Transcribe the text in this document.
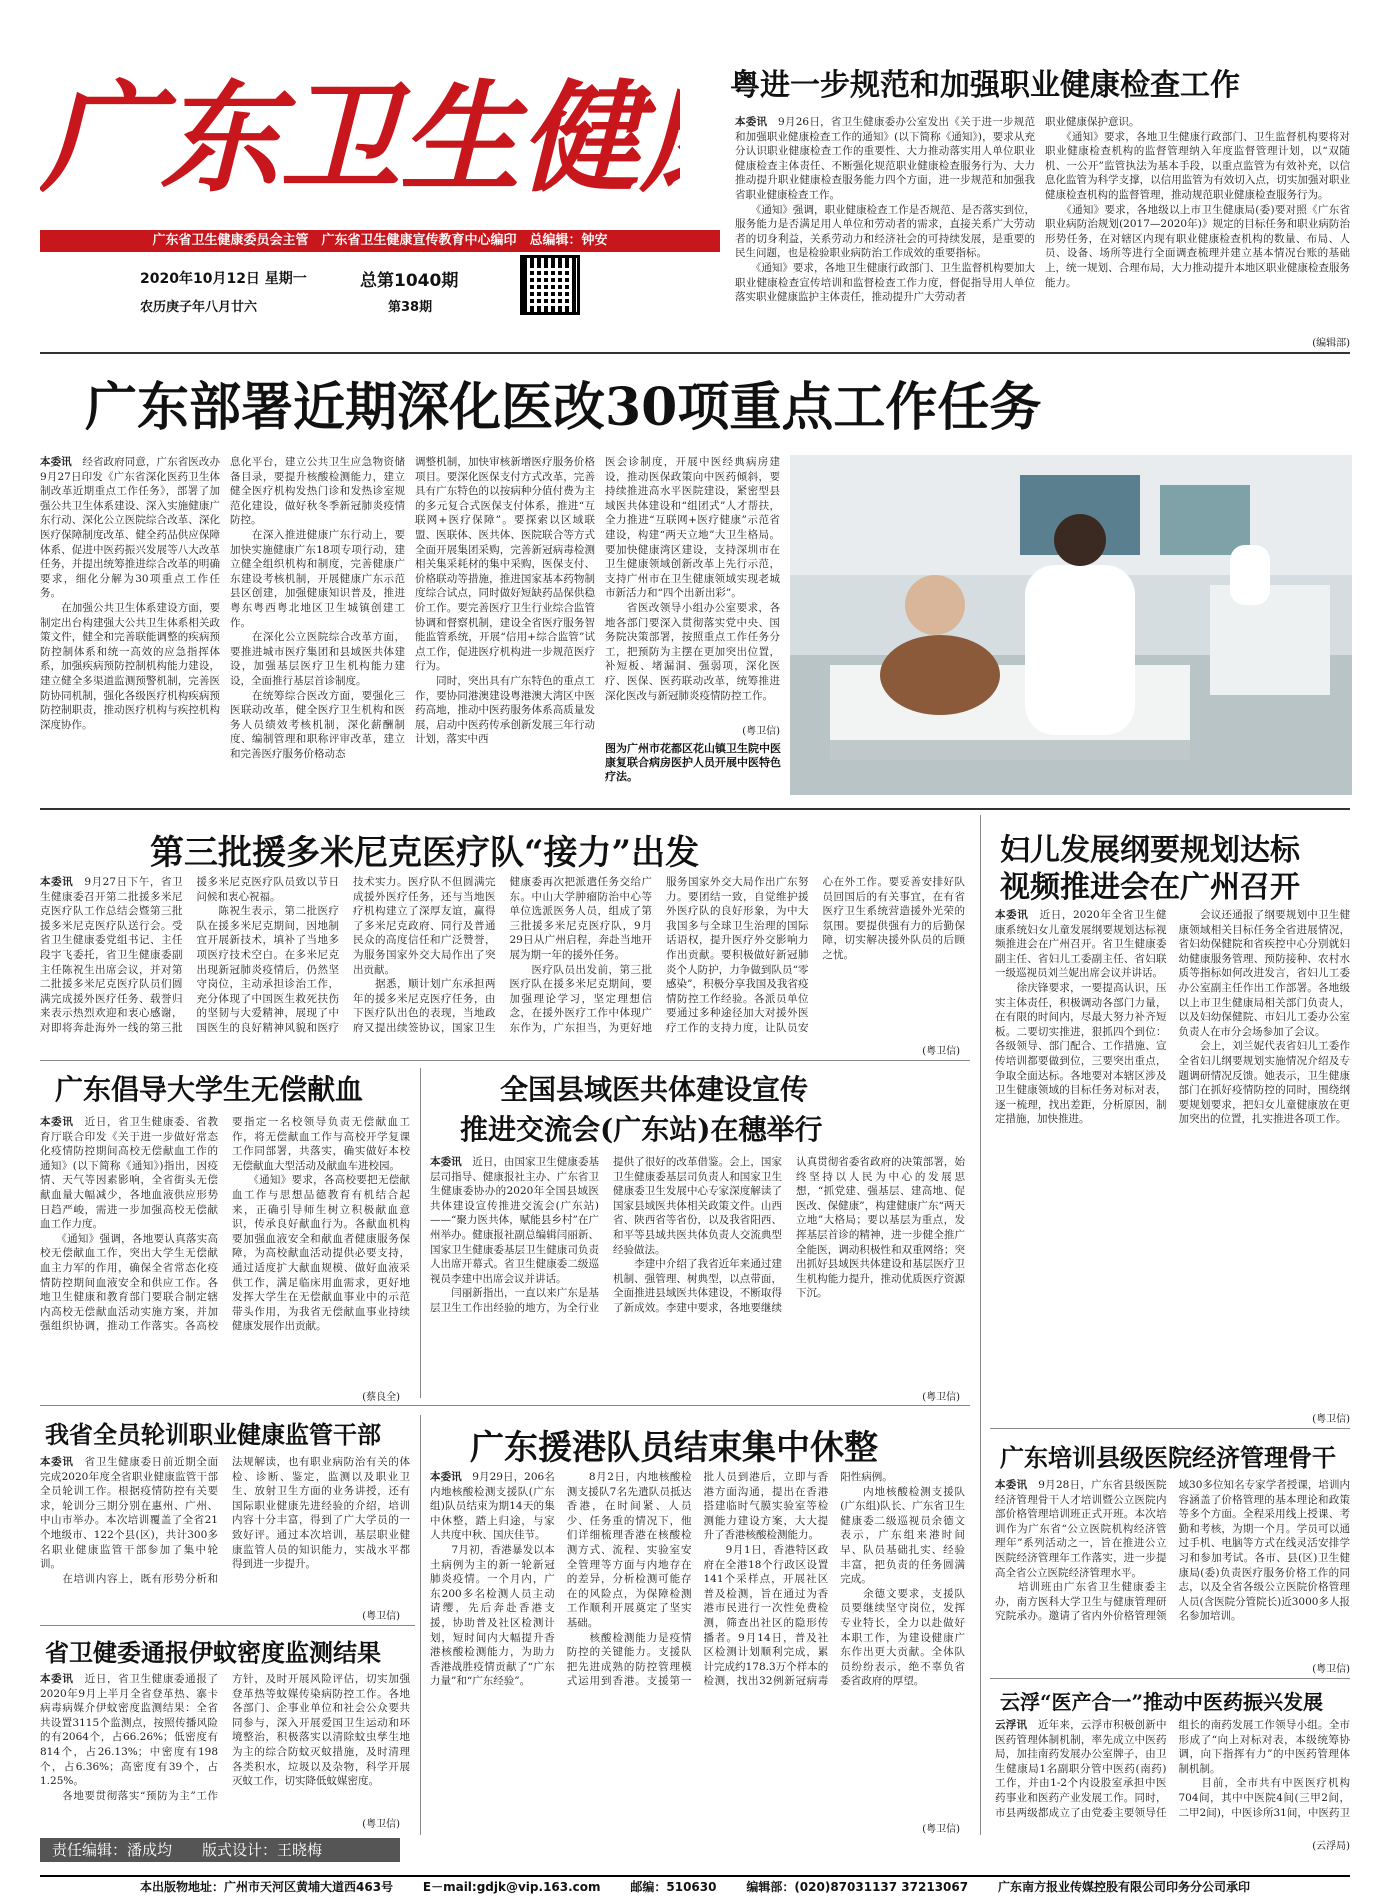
广东卫生健
广东省卫生健康委员会主管　广东省卫生健康宣传教育中心编印　总编辑：钟安
2020年10月12日 星期一
农历庚子年八月廿六
总第1040期
第38期
粤进一步规范和加强职业健康检查工作
本委讯　 9月26日，省卫生健康委办公室发出《关于进一步规范和加强职业健康检查工作的通知》(以下简称《通知》)，要求从充分认识职业健康检查工作的重要性、大力推动落实用人单位职业健康检查主体责任、不断强化规范职业健康检查服务行为、大力推动提升职业健康检查服务能力四个方面，进一步规范和加强我省职业健康检查工作。
　　《通知》强调，职业健康检查工作是否规范、是否落实到位，服务能力是否满足用人单位和劳动者的需求，直接关系广大劳动者的切身利益，关系劳动力和经济社会的可持续发展，是重要的民生问题，也是检验职业病防治工作成效的重要指标。
　　《通知》要求，各地卫生健康行政部门、卫生监督机构要加大职业健康检查宣传培训和监督检查工作力度，督促指导用人单位落实职业健康监护主体责任，推动提升广大劳动者
职业健康保护意识。
　　《通知》要求，各地卫生健康行政部门、卫生监督机构要将对职业健康检查机构的监督管理纳入年度监督管理计划，以“双随机、一公开”监管执法为基本手段，以重点监管为有效补充，以信息化监管为科学支撑，以信用监管为有效切入点，切实加强对职业健康检查机构的监督管理，推动规范职业健康检查服务行为。
　　《通知》要求，各地级以上市卫生健康局(委)要对照《广东省职业病防治规划(2017—2020年)》规定的目标任务和职业病防治形势任务，在对辖区内现有职业健康检查机构的数量、布局、人员、设备、场所等进行全面调查梳理并建立基本情况台账的基础上，统一规划、合理布局，大力推动提升本地区职业健康检查服务能力。
(编辑部)
广东部署近期深化医改30项重点工作任务
本委讯　 经省政府同意，广东省医改办9月27日印发《广东省深化医药卫生体制改革近期重点工作任务》，部署了加强公共卫生体系建设、深入实施健康广东行动、深化公立医院综合改革、深化医疗保障制度改革、健全药品供应保障体系、促进中医药振兴发展等八大改革任务，并提出统筹推进综合改革的明确要求，细化分解为30项重点工作任务。
　　在加强公共卫生体系建设方面，要制定出台构建强大公共卫生体系相关政策文件，健全和完善联能调整的疾病预防控制体系和统一高效的应急指挥体系，加强疾病预防控制机构能力建设，建立健全多渠道监测预警机制，完善医防协同机制，强化各级医疗机构疾病预防控制职责，推动医疗机构与疾控机构深度协作。
息化平台，建立公共卫生应急物资储备目录，要提升核酸检测能力，建立健全医疗机构发热门诊和发热诊室规范化建设，做好秋冬季新冠肺炎疫情防控。
　　在深入推进健康广东行动上，要加快实施健康广东18项专项行动，建立健全组织机构和制度，完善健康广东建设考核机制，开展健康广东示范县区创建，加强健康知识普及，推进粤东粤西粤北地区卫生城镇创建工作。
　　在深化公立医院综合改革方面，要推进城市医疗集团和县域医共体建设，加强基层医疗卫生机构能力建设，全面推行基层首诊制度。
　　在统筹综合医改方面，要强化三医联动改革，健全医疗卫生机构和医务人员绩效考核机制，深化薪酬制度、编制管理和职称评审改革，建立和完善医疗服务价格动态
调整机制，加快审核新增医疗服务价格项目。要深化医保支付方式改革，完善具有广东特色的以按病种分值付费为主的多元复合式医保支付体系，推进“互联网+医疗保障”。要探索以区域联盟、医联体、医共体、医院联合等方式全面开展集团采购，完善新冠病毒检测相关集采耗材的集中采购，医保支付、价格联动等措施，推进国家基本药物制度综合试点，同时做好短缺药品保供稳价工作。要完善医疗卫生行业综合监管协调和督察机制，建设全省医疗服务智能监管系统，开展“信用+综合监管”试点工作，促进医疗机构进一步规范医疗行为。
　　同时，突出具有广东特色的重点工作，要协同港澳建设粤港澳大湾区中医药高地，推动中医药服务体系高质量发展，启动中医药传承创新发展三年行动计划，落实中西
医会诊制度，开展中医经典病房建设，推动医保政策向中医药倾斜，要持续推进高水平医院建设，紧密型县域医共体建设和“组团式”人才帮扶，全力推进“互联网+医疗健康”示范省建设，构建“两天立地”大卫生格局。要加快健康湾区建设，支持深圳市在卫生健康领域创新改革上先行示范，支持广州市在卫生健康领域实现老城市新活力和“四个出新出彩”。
　　省医改领导小组办公室要求，各地各部门要深入贯彻落实党中央、国务院决策部署，按照重点工作任务分工，把预防为主摆在更加突出位置，补短板、堵漏洞、强弱项，深化医疗、医保、医药联动改革，统筹推进深化医改与新冠肺炎疫情防控工作。
(粤卫信)
图为广州市花都区花山镇卫生院中医康复联合病房医护人员开展中医特色疗法。
第三批援多米尼克医疗队“接力”出发
本委讯　 9月27日下午，省卫生健康委召开第二批援多米尼克医疗队工作总结会暨第三批援多米尼克医疗队送行会。受省卫生健康委党组书记、主任段宇飞委托，省卫生健康委副主任陈祝生出席会议，并对第二批援多米尼克医疗队员们圆满完成援外医疗任务、载誉归来表示热烈欢迎和衷心感谢，对即将奔赴海外一线的第三批援多米尼克医疗队员致以节日问候和衷心祝福。
　　陈祝生表示，第二批医疗队在援多米尼克期间，因地制宜开展新技术，填补了当地多项医疗技术空白。在多米尼克出现新冠肺炎疫情后，仍然坚守岗位，主动承担诊治工作，充分体现了中国医生救死扶伤的坚韧与大爱精神，展现了中国医生的良好精神风貌和医疗技术实力。医疗队不但圆满完成援外医疗任务，还与当地医疗机构建立了深厚友谊，赢得了多米尼克政府、同行及普通民众的高度信任和广泛赞誉，为服务国家外交大局作出了突出贡献。
　　据悉，顺计划广东承担两年的援多米尼克医疗任务，由下医疗队出色的表现，当地政府又提出续签协议，国家卫生健康委再次把派遣任务交给广东。中山大学肿瘤防治中心等单位选派医务人员，组成了第三批援多米尼克医疗队，9月29日从广州启程，奔赴当地开展为期一年的援外任务。
　　医疗队员出发前，第三批医疗队在援多米尼克期间，要加强理论学习，坚定理想信念，在援外医疗工作中体现广东作为，广东担当，为更好地服务国家外交大局作出广东努力。要团结一致，自觉维护援外医疗队的良好形象，为中大我国多与全球卫生治理的国际话语权，提升医疗外交影响力作出贡献。要积极做好新冠肺炎个人防护，力争做到队员“零感染”，积极分享我国及我省疫情防控工作经验。各派员单位要通过多种途径加大对援外医疗工作的支持力度，让队员安心在外工作。要妥善安排好队员回国后的有关事宜，在有省医疗卫生系统营造援外光荣的氛围。要提供强有力的后勤保障，切实解决援外队员的后顾之忧。
(粤卫信)
广东倡导大学生无偿献血
本委讯　 近日，省卫生健康委、省教育厅联合印发《关于进一步做好常态化疫情防控期间高校无偿献血工作的通知》(以下简称《通知》)指出，因疫情、天气等因素影响，全省街头无偿献血量大幅减少，各地血液供应形势日趋严峻，需进一步加强高校无偿献血工作力度。
　　《通知》强调，各地要认真落实高校无偿献血工作，突出大学生无偿献血主力军的作用，确保全省常态化疫情防控期间血液安全和供应工作。各地卫生健康和教育部门要联合制定辖内高校无偿献血活动实施方案，并加强组织协调，推动工作落实。各高校要指定一名校领导负责无偿献血工作，将无偿献血工作与高校开学复课工作同部署，共落实，确实做好本校无偿献血大型活动及献血车进校园。
　　《通知》要求，各高校要把无偿献血工作与思想品德教育有机结合起来，正确引导师生树立积极献血意识，传承良好献血行为。各献血机构要加强血液安全和献血者健康服务保障，为高校献血活动提供必要支持，通过适度扩大献血规模、做好血液采供工作，满足临床用血需求，更好地发挥大学生在无偿献血事业中的示范带头作用，为我省无偿献血事业持续健康发展作出贡献。
(蔡良全)
全国县域医共体建设宣传
推进交流会(广东站)在穗举行
本委讯　 近日，由国家卫生健康委基层司指导、健康报社主办、广东省卫生健康委协办的2020年全国县域医共体建设宣传推进交流会(广东站)——“聚力医共体，赋能县乡村”在广州举办。健康报社副总编辑闫丽新、国家卫生健康委基层卫生健康司负责人出席开幕式。省卫生健康委二级巡视员李建中出席会议并讲话。
　　闫丽新指出，一直以来广东是基层卫生工作出经验的地方，为全行业提供了很好的改革借鉴。会上，国家卫生健康委基层司负责人和国家卫生健康委卫生发展中心专家深度解读了国家县域医共体相关政策文件。山西省、陕西省等省份，以及我省阳西、和平等县域共医共体负责人交流典型经验做法。
　　李建中介绍了我省近年来通过建机制、强管理、树典型，以点带面，全面推进县域医共体建设，不断取得了新成效。李建中要求，各地要继续认真贯彻省委省政府的决策部署，始终坚持以人民为中心的发展思想，“抓党建、强基层、建高地、促医改、保健康”，构建健康广东“两天立地”大格局；要以基层为重点，发挥基层首诊的精神，进一步健全推广全能医，调动积极性和双重网络；突出抓好县域医共体建设和基层医疗卫生机构能力提升，推动优质医疗资源下沉。
(粤卫信)
妇儿发展纲要规划达标
视频推进会在广州召开
本委讯　 近日，2020年全省卫生健康系统妇女儿童发展纲要规划达标视频推进会在广州召开。省卫生健康委副主任、省妇儿工委副主任、省妇联一级巡视员刘兰妮出席会议并讲话。
　　徐庆锋要求，一要提高认识，压实主体责任，积极调动各部门力量，在有限的时间内，尽最大努力补齐短板。二要切实推进，狠抓四个到位：各级领导、部门配合、工作措施、宣传培训都要做到位，三要突出重点，争取全面达标。各地要对本辖区涉及卫生健康领域的目标任务对标对表，逐一梳理，找出差距，分析原因，制定措施，加快推进。
　　会议还通报了纲要规划中卫生健康领域相关目标任务全省进展情况，省妇幼保健院和省疾控中心分别就妇幼健康服务管理、预防接种、农村水质等指标如何改进发言，省妇儿工委办公室副主任作出工作部署。各地级以上市卫生健康局相关部门负责人，以及妇幼保健院、市妇儿工委办公室负责人在市分会场参加了会议。
　　会上，刘兰妮代表省妇儿工委作全省妇儿纲要规划实施情况介绍及专题调研情况反馈。她表示，卫生健康部门在抓好疫情防控的同时，围绕纲要规划要求，把妇女儿童健康放在更加突出的位置，扎实推进各项工作。
(粤卫信)
广东培训县级医院经济管理骨干
本委讯　 9月28日，广东省县级医院经济管理骨干人才培训暨公立医院内部价格管理培训班正式开班。本次培训作为广东省“公立医院机构经济管理年”系列活动之一，旨在推进公立医院经济管理年工作落实，进一步提高全省公立医院经济管理水平。
　　培训班由广东省卫生健康委主办，南方医科大学卫生与健康管理研究院承办。邀请了省内外价格管理领域30多位知名专家学者授课，培训内容涵盖了价格管理的基本理论和政策等多个方面。全程采用线上授课、考勤和考核，为期一个月。学员可以通过手机、电脑等方式在线灵活安排学习和参加考试。各市、县(区)卫生健康局(委)负责医疗服务价格工作的同志，以及全省各级公立医院价格管理人员(含医院分管院长)近3000多人报名参加培训。
(粤卫信)
云浮“医产合一”推动中医药振兴发展
云浮讯　 近年来，云浮市积极创新中医药管理体制机制，率先成立中医药局，加挂南药发展办公室牌子，由卫生健康局1名副职分管中医药(南药)工作，并由1-2个内设股室承担中医药事业和医药产业发展工作。同时，市县两级都成立了由党委主要领导任组长的南药发展工作领导小组。全市形成了“向上对标对表，本级统筹协调，向下指挥有力”的中医药管理体制机制。
　　目前，全市共有中医医疗机构704间，其中中医院4间(三甲2间，二甲2间)，中医诊所31间，中医药卫

(云浮局)
我省全员轮训职业健康监管干部
本委讯　 省卫生健康委日前近期全面完成2020年度全省职业健康监管干部全员轮训工作。根据疫情防控有关要求，轮训分三期分别在惠州、广州、中山市举办。本次培训覆盖了全省21个地级市、122个县(区)，共计300多名职业健康监管干部参加了集中轮训。
　　在培训内容上，既有形势分析和法规解读，也有职业病防治有关的体检、诊断、鉴定，监测以及职业卫生、放射卫生方面的业务讲授，还有国际职业健康先进经验的介绍，培训内容十分丰富，得到了广大学员的一致好评。通过本次培训，基层职业健康监管人员的知识能力，实战水平都得到进一步提升。
(粤卫信)
省卫健委通报伊蚊密度监测结果
本委讯　 近日，省卫生健康委通报了2020年9月上半月全省登革热、寨卡病毒病媒介伊蚊密度监测结果：全省共设置3115个监测点，按照传播风险的有2064个，占66.26%；低密度有814个，占26.13%；中密度有198个，占6.36%；高密度有39个，占1.25%。
　　各地要贯彻落实“预防为主”工作方针，及时开展风险评估，切实加强登革热等蚊媒传染病防控工作。各地各部门、企事业单位和社会公众要共同参与，深入开展爱国卫生运动和环境整治，积极落实以清除蚊虫孳生地为主的综合防蚊灭蚊措施，及时清理各类积水，垃圾以及杂物，科学开展灭蚊工作，切实降低蚊媒密度。
(粤卫信)
广东援港队员结束集中休整
本委讯　 9月29日，206名内地核酸检测支援队(广东组)队员结束为期14天的集中休整，踏上归途，与家人共度中秋、国庆佳节。
　　7月初，香港暴发以本土病例为主的新一轮新冠肺炎疫情。一个月内，广东200多名检测人员主动请缨，先后奔赴香港支援，协助普及社区检测计划，短时间内大幅提升香港核酸检测能力，为助力香港战胜疫情贡献了“广东力量”和“广东经验”。
　　8月2日，内地核酸检测支援队7名先遣队员抵达香港，在时间紧、人员少、任务重的情况下，他们详细梳理香港在核酸检测方式、流程、实验室安全管理等方面与内地存在的差异，分析检测可能存在的风险点，为保障检测工作顺利开展奠定了坚实基础。
　　核酸检测能力是疫情防控的关键能力。支援队把先进成熟的防控管理模式运用到香港。支援第一批人员到港后，立即与香港方面沟通，提出在香港搭建临时气膜实验室等检测能力建设方案，大大提升了香港核酸检测能力。
　　9月1日，香港特区政府在全港18个行政区设置141个采样点，开展社区普及检测，旨在通过为香港市民进行一次性免费检测，筛查出社区的隐形传播者。9月14日，普及社区检测计划顺利完成，累计完成约178.3万个样本的检测，找出32例新冠病毒阳性病例。
　　内地核酸检测支援队(广东组)队长、广东省卫生健康委二级巡视员余德文表示，广东组来港时间早、队员基础扎实、经验丰富，把负责的任务圆满完成。
　　余德文要求，支援队员要继续坚守岗位，发挥专业特长，全力以赴做好本职工作，为建设健康广东作出更大贡献。全体队员纷纷表示，绝不辜负省委省政府的厚望。
(粤卫信)
责任编辑：潘成均　　版式设计：王晓梅
本出版物地址：广州市天河区黄埔大道西463号 E－mail:gdjk@vip.163.com 邮编：510630 编辑部：(020)87031137 37213067 广东南方报业传媒控股有限公司印务分公司承印
